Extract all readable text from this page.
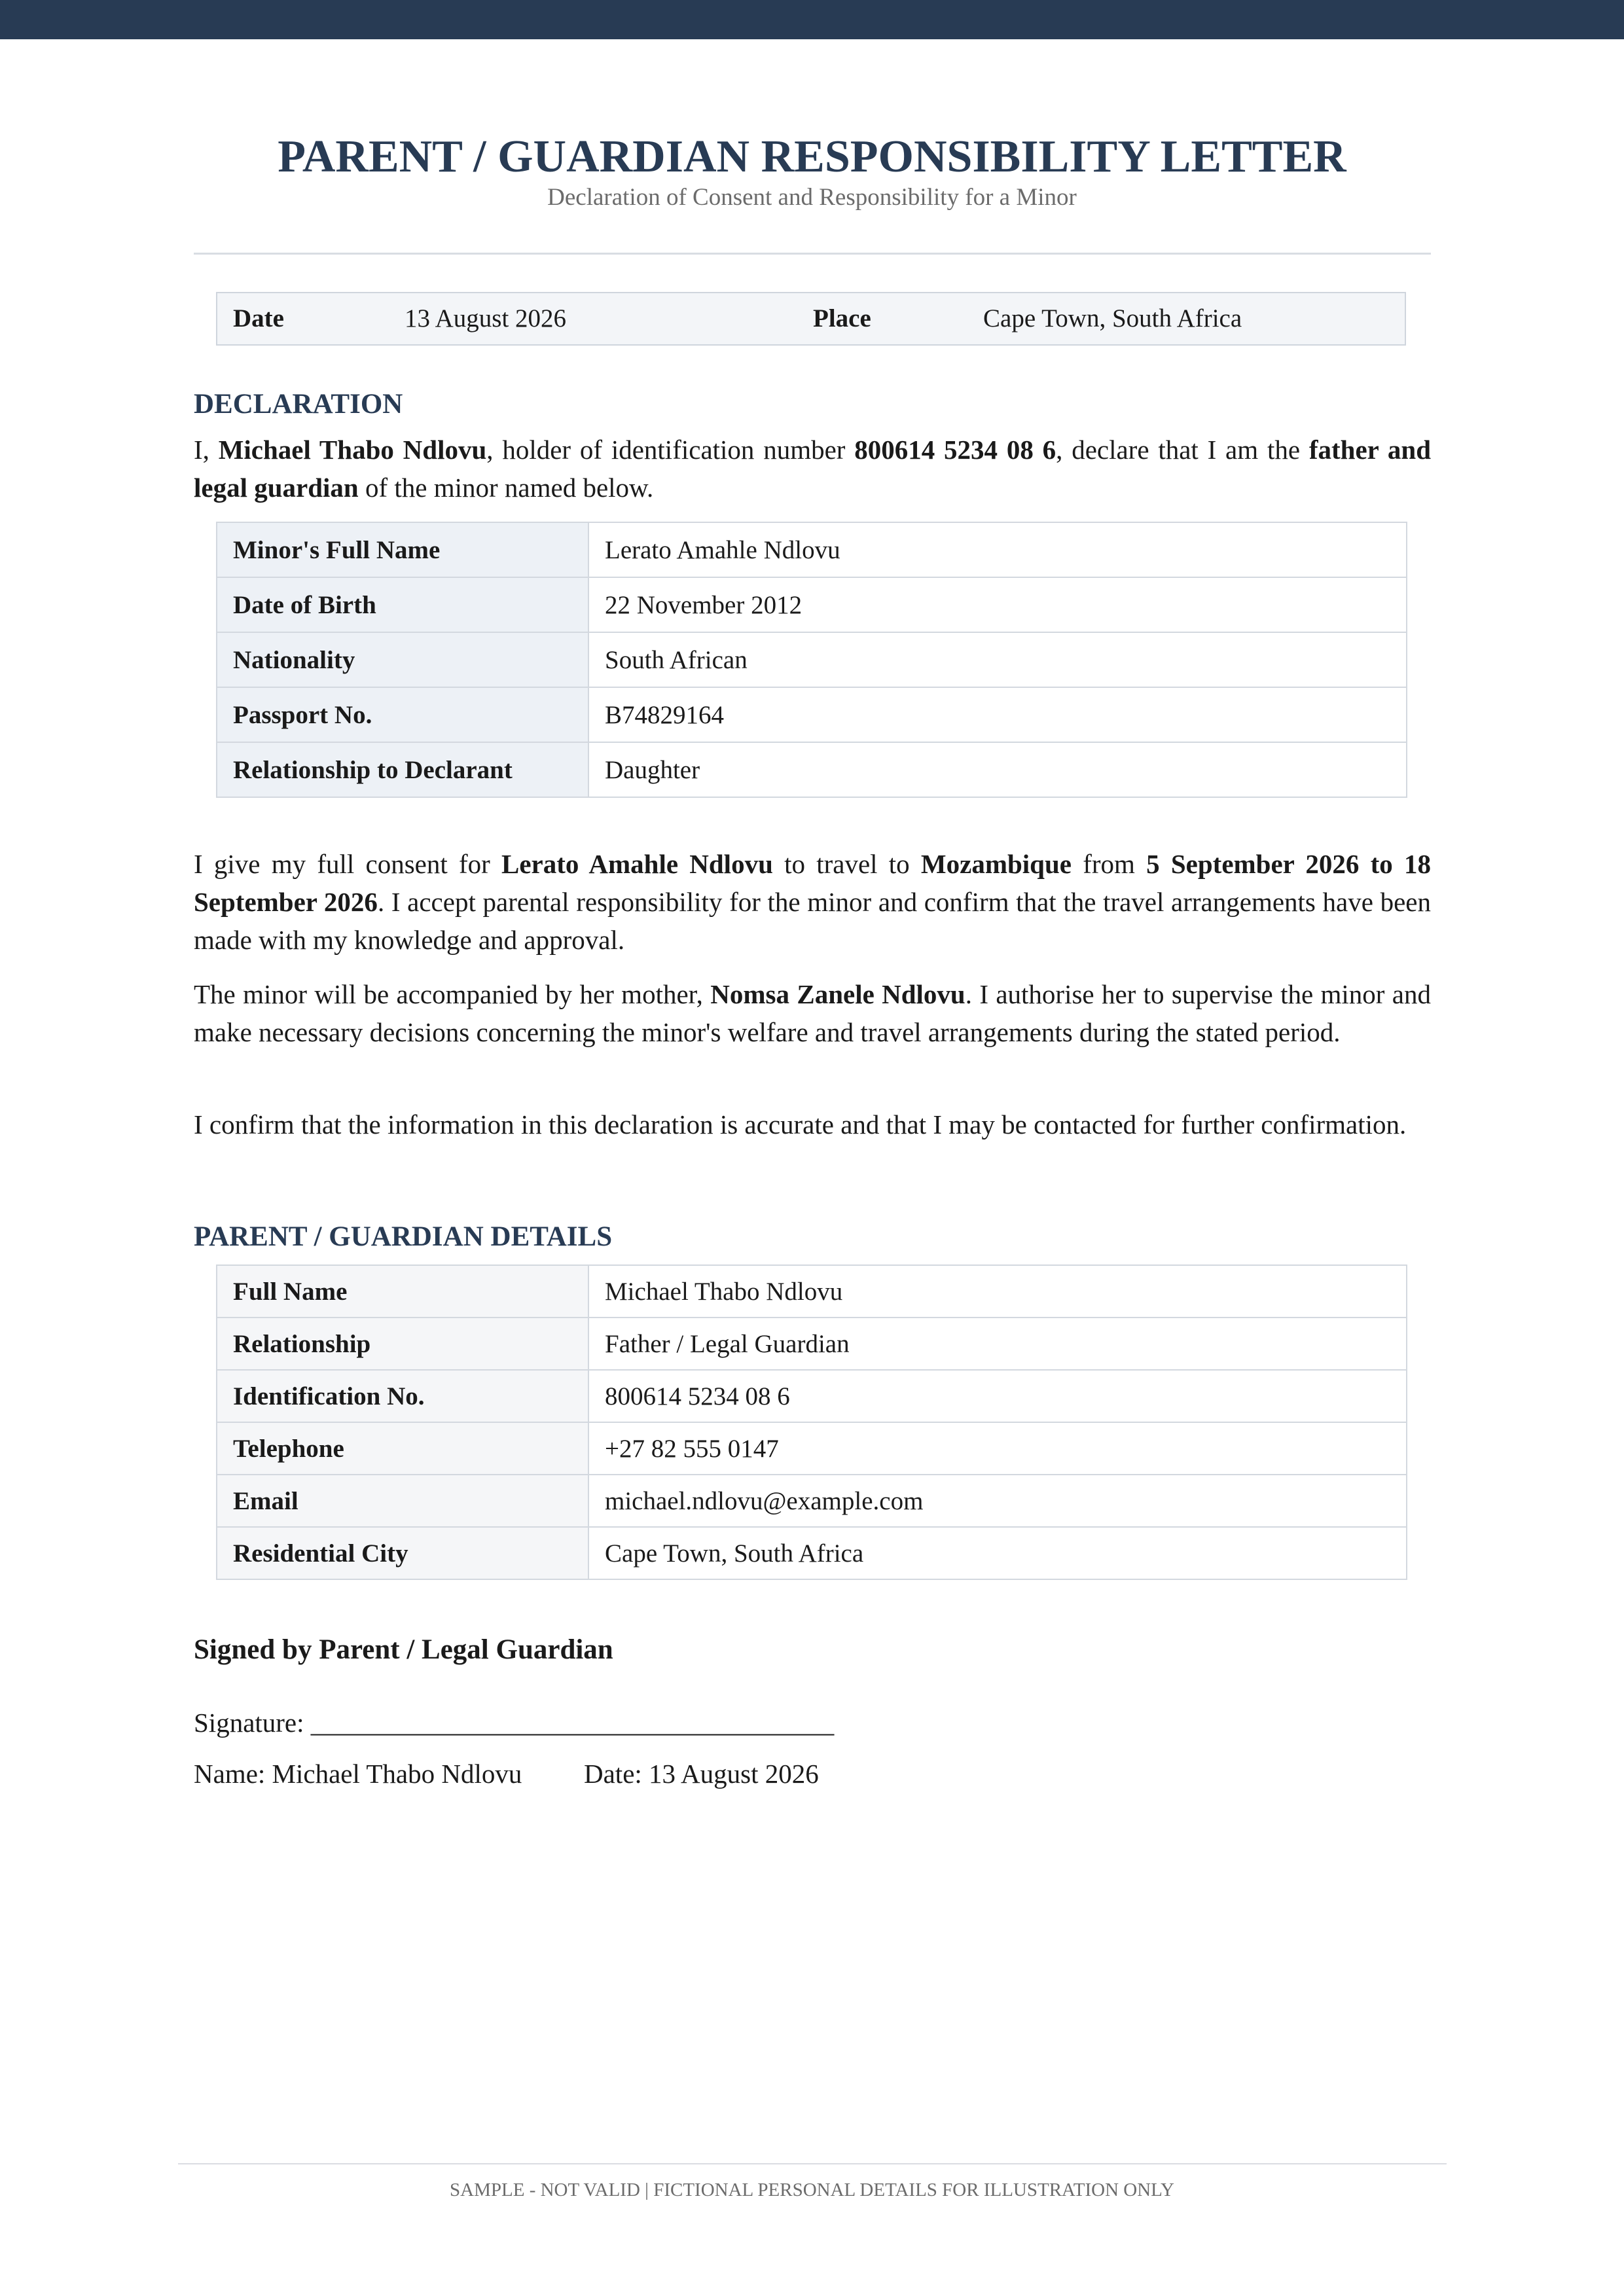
PARENT / GUARDIAN RESPONSIBILITY LETTER
Declaration of Consent and Responsibility for a Minor
Date	13 August 2026	Place	Cape Town, South Africa
DECLARATION

I, Michael Thabo Ndlovu, holder of identification number 800614 5234 08 6, declare that I am the father and legal guardian of the minor named below.

Minor's Full Name	Lerato Amahle Ndlovu
Date of Birth	22 November 2012
Nationality	South African
Passport No.	B74829164
Relationship to Declarant	Daughter

I give my full consent for Lerato Amahle Ndlovu to travel to Mozambique from 5 September 2026 to 18 September 2026. I accept parental responsibility for the minor and confirm that the travel arrangements have been made with my knowledge and approval.

The minor will be accompanied by her mother, Nomsa Zanele Ndlovu. I authorise her to supervise the minor and make necessary decisions concerning the minor's welfare and travel arrangements during the stated period.

I confirm that the information in this declaration is accurate and that I may be contacted for further confirmation.

PARENT / GUARDIAN DETAILS
Full Name	Michael Thabo Ndlovu
Relationship	Father / Legal Guardian
Identification No.	800614 5234 08 6
Telephone	+27 82 555 0147
Email	michael.ndlovu@example.com
Residential City	Cape Town, South Africa
Signed by Parent / Legal Guardian
Signature: _______________________________________
Name: Michael Thabo Ndlovu Date: 13 August 2026
SAMPLE - NOT VALID | FICTIONAL PERSONAL DETAILS FOR ILLUSTRATION ONLY
